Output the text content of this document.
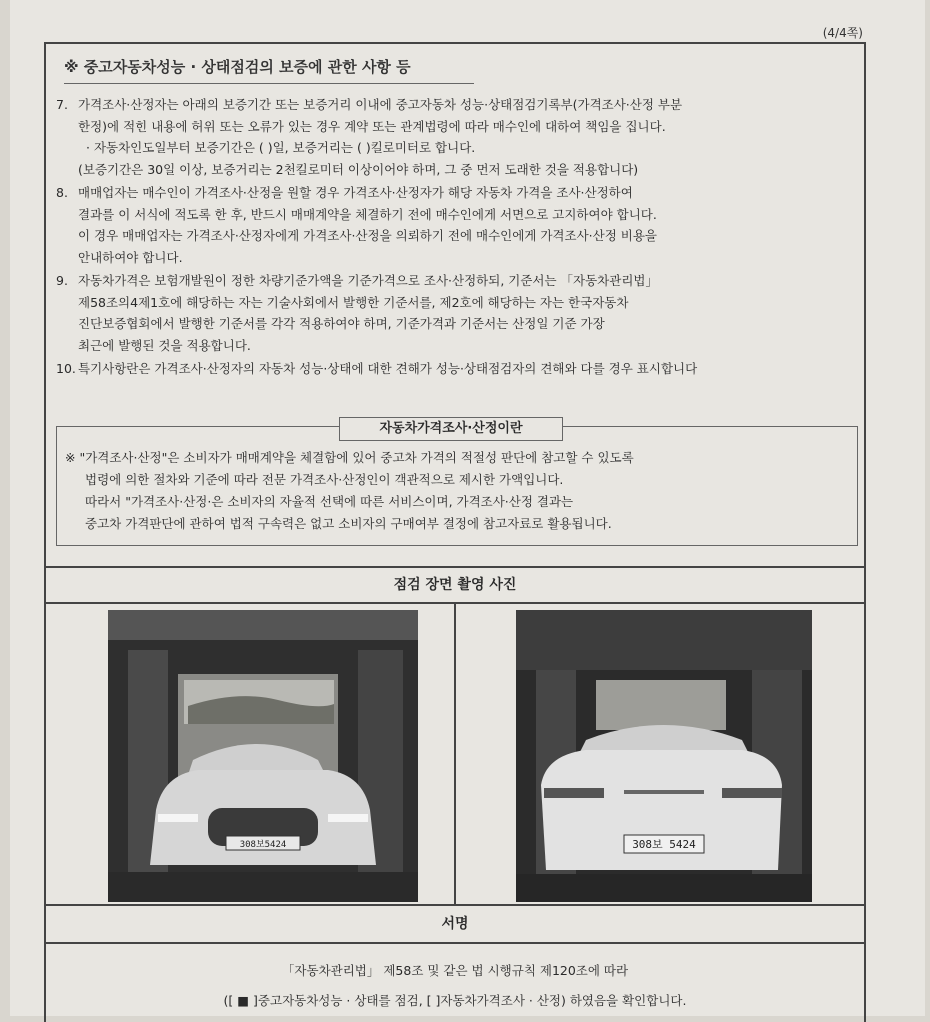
(4/4쪽)
※ 중고자동차성능 · 상태점검의 보증에 관한 사항 등
7. 가격조사·산정자는 아래의 보증기간 또는 보증거리 이내에 중고자동차 성능·상태점검기록부(가격조사·산정 부분

한정)에 적힌 내용에 허위 또는 오류가 있는 경우 계약 또는 관계법령에 따라 매수인에 대하여 책임을 집니다.

· 자동차인도일부터 보증기간은 ( )일, 보증거리는 ( )킬로미터로 합니다.

(보증기간은 30일 이상, 보증거리는 2천킬로미터 이상이어야 하며, 그 중 먼저 도래한 것을 적용합니다)

8. 매매업자는 매수인이 가격조사·산정을 원할 경우 가격조사·산정자가 해당 자동차 가격을 조사·산정하여

결과를 이 서식에 적도록 한 후, 반드시 매매계약을 체결하기 전에 매수인에게 서면으로 고지하여야 합니다.

이 경우 매매업자는 가격조사·산정자에게 가격조사·산정을 의뢰하기 전에 매수인에게 가격조사·산정 비용을

안내하여야 합니다.

9. 자동차가격은 보험개발원이 정한 차량기준가액을 기준가격으로 조사·산정하되, 기준서는 「자동차관리법」

제58조의4제1호에 해당하는 자는 기술사회에서 발행한 기준서를, 제2호에 해당하는 자는 한국자동차

진단보증협회에서 발행한 기준서를 각각 적용하여야 하며, 기준가격과 기준서는 산정일 기준 가장

최근에 발행된 것을 적용합니다.

10. 특기사항란은 가격조사·산정자의 자동차 성능·상태에 대한 견해가 성능·상태점검자의 견해와 다를 경우 표시합니다

자동차가격조사·산정이란

※ "가격조사·산정"은 소비자가 매매계약을 체결함에 있어 중고차 가격의 적절성 판단에 참고할 수 있도록

법령에 의한 절차와 기준에 따라 전문 가격조사·산정인이 객관적으로 제시한 가액입니다.

따라서 "가격조사·산정·은 소비자의 자율적 선택에 따른 서비스이며, 가격조사·산정 결과는

중고차 가격판단에 관하여 법적 구속력은 없고 소비자의 구매여부 결정에 참고자료로 활용됩니다.

점검 장면 촬영 사진
308보5424	308보 5424
서명

「자동차관리법」 제58조 및 같은 법 시행규칙 제120조에 따라

([ ■ ]중고자동차성능 · 상태를 점검, [ ]자동차가격조사 · 산정) 하였음을 확인합니다.
